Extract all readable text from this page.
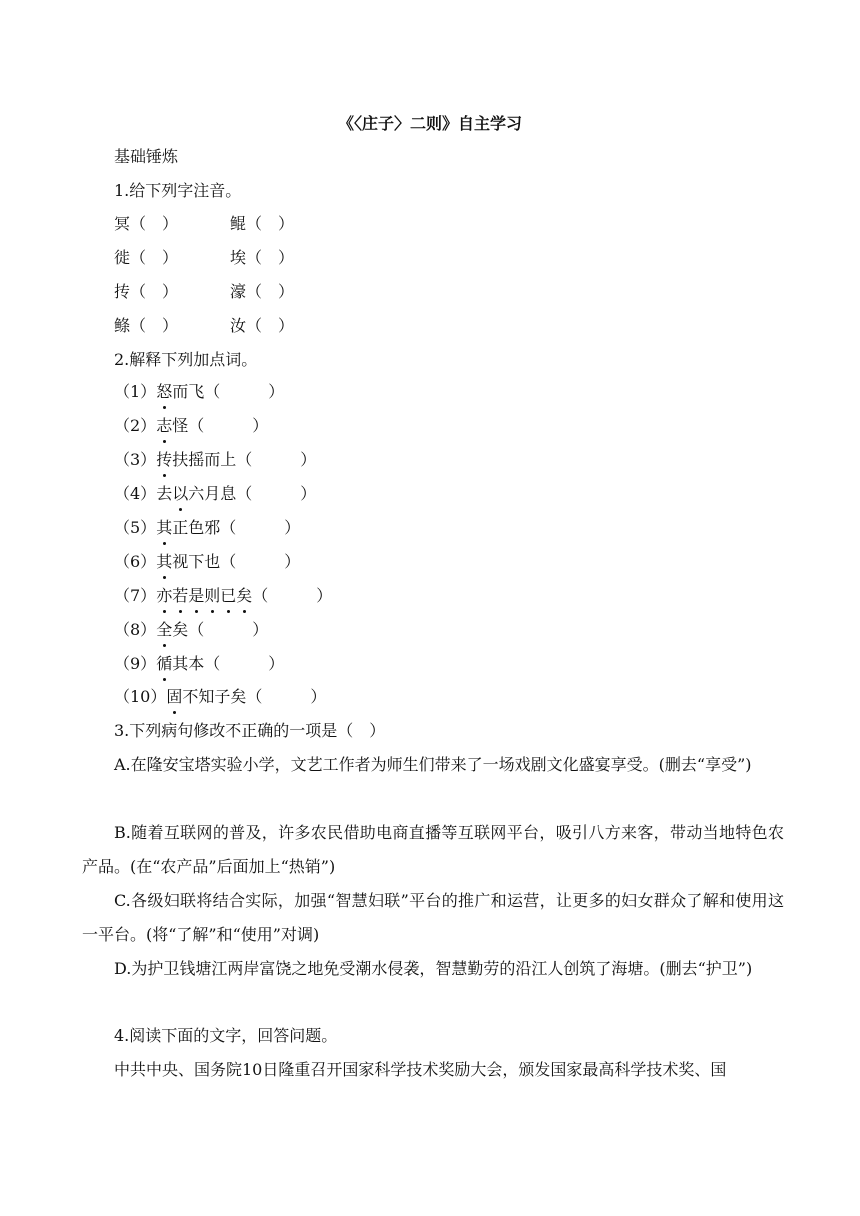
《〈庄子〉二则》自主学习
基础锤炼
1.给下列字注音。
冥（　）	鲲（　）
徙（　）	埃（　）
抟（　）	濠（　）
鲦（　）	汝（　）
2.解释下列加点词。
（1）怒而飞（　　　）
（2）志怪（　　　）
（3）抟扶摇而上（　　　）
（4）去以六月息（　　　）
（5）其正色邪（　　　）
（6）其视下也（　　　）
（7）亦若是则已矣（　　　）
（8）全矣（　　　）
（9）循其本（　　　）
（10）固不知子矣（　　　）
3.下列病句修改不正确的一项是（　）
A.在隆安宝塔实验小学，文艺工作者为师生们带来了一场戏剧文化盛宴享受。(删去“享受”)
B.随着互联网的普及，许多农民借助电商直播等互联网平台，吸引八方来客，带动当地特色农产品。(在“农产品”后面加上“热销”)
C.各级妇联将结合实际，加强“智慧妇联”平台的推广和运营，让更多的妇女群众了解和使用这一平台。(将“了解”和“使用”对调)
D.为护卫钱塘江两岸富饶之地免受潮水侵袭，智慧勤劳的沿江人创筑了海塘。(删去“护卫”)
4.阅读下面的文字，回答问题。
中共中央、国务院10日隆重召开国家科学技术奖励大会，颁发国家最高科学技术奖、国
